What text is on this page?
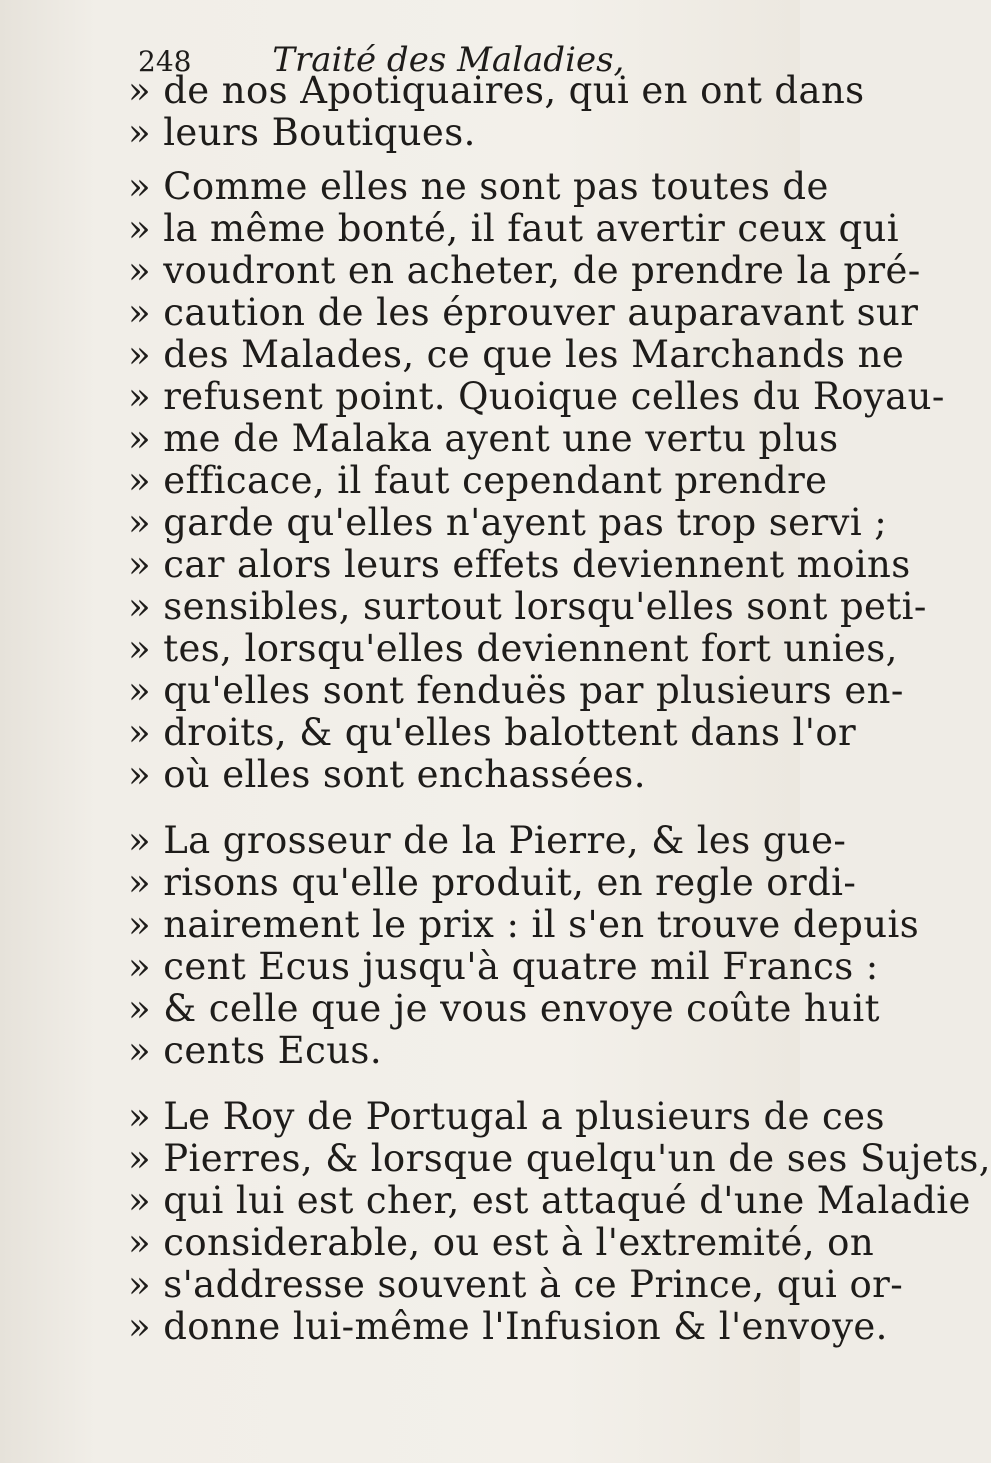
248 Traité des Maladies,
» de nos Apotiquaires, qui en ont dans
» leurs Boutiques.
» Comme elles ne sont pas toutes de
» la même bonté, il faut avertir ceux qui
» voudront en acheter, de prendre la pré-
» caution de les éprouver auparavant sur
» des Malades, ce que les Marchands ne
» refusent point. Quoique celles du Royau-
» me de Malaka ayent une vertu plus
» efficace, il faut cependant prendre
» garde qu'elles n'ayent pas trop servi ;
» car alors leurs effets deviennent moins
» sensibles, surtout lorsqu'elles sont peti-
» tes, lorsqu'elles deviennent fort unies,
» qu'elles sont fenduës par plusieurs en-
» droits, & qu'elles balottent dans l'or
» où elles sont enchassées.
» La grosseur de la Pierre, & les gue-
» risons qu'elle produit, en regle ordi-
» nairement le prix : il s'en trouve depuis
» cent Ecus jusqu'à quatre mil Francs :
» & celle que je vous envoye coûte huit
» cents Ecus.
» Le Roy de Portugal a plusieurs de ces
» Pierres, & lorsque quelqu'un de ses Sujets,
» qui lui est cher, est attaqué d'une Maladie
» considerable, ou est à l'extremité, on
» s'addresse souvent à ce Prince, qui or-
» donne lui-même l'Infusion & l'envoye.
